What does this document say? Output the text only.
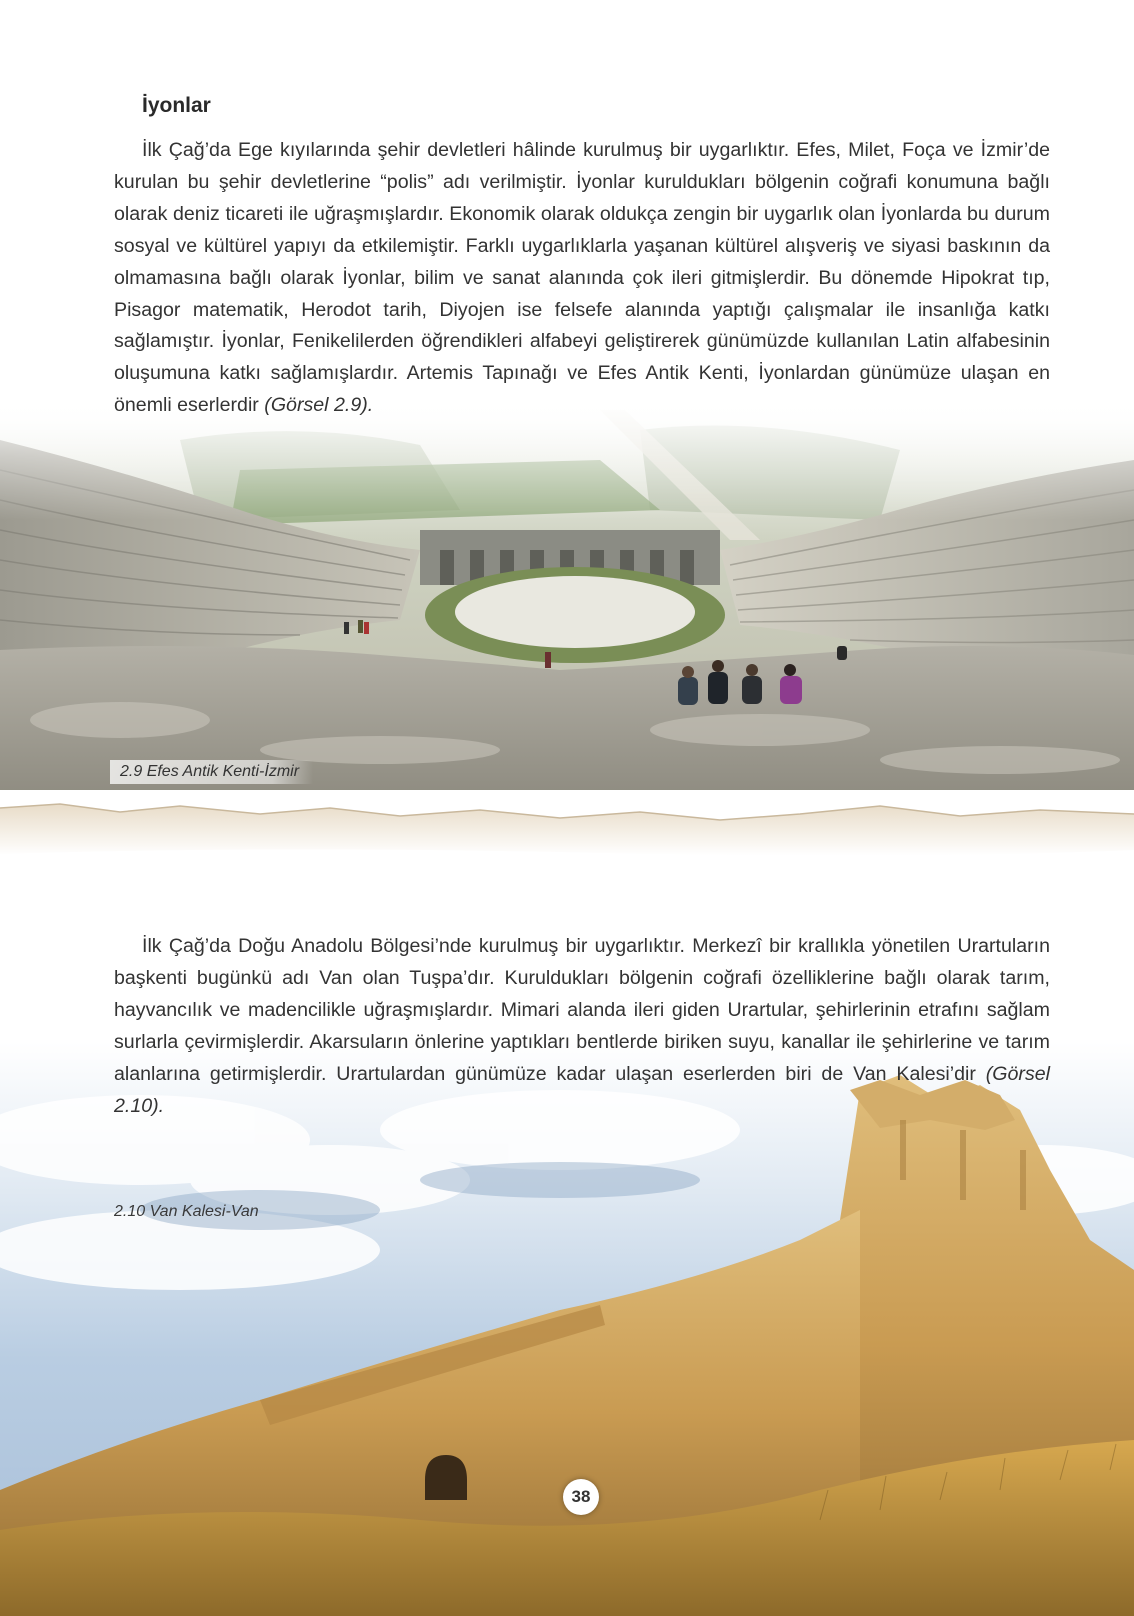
İyonlar

İlk Çağ’da Ege kıyılarında şehir devletleri hâlinde kurulmuş bir uygarlıktır. Efes, Milet, Foça ve İzmir’de kurulan bu şehir devletlerine “polis” adı verilmiştir. İyonlar kuruldukları bölgenin coğrafi konumuna bağlı olarak deniz ticareti ile uğraşmışlardır. Ekonomik olarak oldukça zengin bir uygarlık olan İyonlarda bu durum sosyal ve kültürel yapıyı da etkilemiştir. Farklı uygarlıklarla yaşanan kültürel alışveriş ve siyasi baskının da olmamasına bağlı olarak İyonlar, bilim ve sanat alanında çok ileri gitmişlerdir. Bu dönemde Hipokrat tıp, Pisagor matematik, Herodot tarih, Diyojen ise felsefe alanında yaptığı çalışmalar ile insanlığa katkı sağlamıştır. İyonlar, Fenikelilerden öğrendikleri alfabeyi geliştirerek günümüzde kullanılan Latin alfabesinin oluşumuna katkı sağlamışlardır. Artemis Tapınağı ve Efes Antik Kenti, İyonlardan günümüze ulaşan en önemli eserlerdir (Görsel 2.9).

2.9 Efes Antik Kenti-İzmir

İlk Çağ’da Doğu Anadolu Bölgesi’nde kurulmuş bir uygarlıktır. Merkezî bir krallıkla yönetilen Urartuların başkenti bugünkü adı Van olan Tuşpa’dır. Kuruldukları bölgenin coğrafi özelliklerine bağlı olarak tarım, hayvancılık ve madencilikle uğraşmışlardır. Mimari alanda ileri giden Urartular, şehirlerinin etrafını sağlam surlarla çevirmişlerdir. Akarsuların önlerine yaptıkları bentlerde biriken suyu, kanallar ile şehirlerine ve tarım alanlarına getirmişlerdir. Urartulardan günümüze kadar ulaşan eserlerden biri de Van Kalesi’dir (Görsel 2.10).

2.10 Van Kalesi-Van
38
